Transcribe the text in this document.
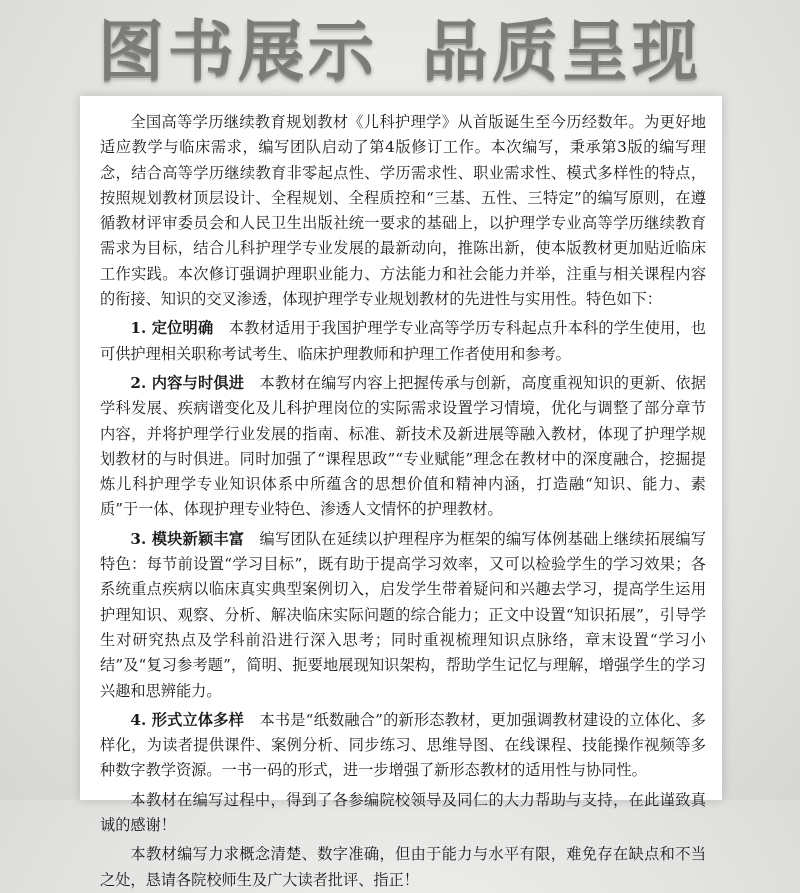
图书展示 品质呈现

全国高等学历继续教育规划教材《儿科护理学》从首版诞生至今历经数年。为更好地适应教学与临床需求，编写团队启动了第4版修订工作。本次编写，秉承第3版的编写理念，结合高等学历继续教育非零起点性、学历需求性、职业需求性、模式多样性的特点，按照规划教材顶层设计、全程规划、全程质控和“三基、五性、三特定”的编写原则，在遵循教材评审委员会和人民卫生出版社统一要求的基础上，以护理学专业高等学历继续教育需求为目标，结合儿科护理学专业发展的最新动向，推陈出新，使本版教材更加贴近临床工作实践。本次修订强调护理职业能力、方法能力和社会能力并举，注重与相关课程内容的衔接、知识的交叉渗透，体现护理学专业规划教材的先进性与实用性。特色如下：

1. 定位明确  本教材适用于我国护理学专业高等学历专科起点升本科的学生使用，也可供护理相关职称考试考生、临床护理教师和护理工作者使用和参考。

2. 内容与时俱进  本教材在编写内容上把握传承与创新，高度重视知识的更新、依据学科发展、疾病谱变化及儿科护理岗位的实际需求设置学习情境，优化与调整了部分章节内容，并将护理学行业发展的指南、标准、新技术及新进展等融入教材，体现了护理学规划教材的与时俱进。同时加强了“课程思政”“专业赋能”理念在教材中的深度融合，挖掘提炼儿科护理学专业知识体系中所蕴含的思想价值和精神内涵，打造融“知识、能力、素质”于一体、体现护理专业特色、渗透人文情怀的护理教材。

3. 模块新颖丰富  编写团队在延续以护理程序为框架的编写体例基础上继续拓展编写特色：每节前设置“学习目标”，既有助于提高学习效率，又可以检验学生的学习效果；各系统重点疾病以临床真实典型案例切入，启发学生带着疑问和兴趣去学习，提高学生运用护理知识、观察、分析、解决临床实际问题的综合能力；正文中设置“知识拓展”，引导学生对研究热点及学科前沿进行深入思考；同时重视梳理知识点脉络，章末设置“学习小结”及“复习参考题”，简明、扼要地展现知识架构，帮助学生记忆与理解，增强学生的学习兴趣和思辨能力。

4. 形式立体多样  本书是“纸数融合”的新形态教材，更加强调教材建设的立体化、多样化，为读者提供课件、案例分析、同步练习、思维导图、在线课程、技能操作视频等多种数字教学资源。一书一码的形式，进一步增强了新形态教材的适用性与协同性。

本教材在编写过程中，得到了各参编院校领导及同仁的大力帮助与支持，在此谨致真诚的感谢！

本教材编写力求概念清楚、数字准确，但由于能力与水平有限，难免存在缺点和不当之处，恳请各院校师生及广大读者批评、指正！
